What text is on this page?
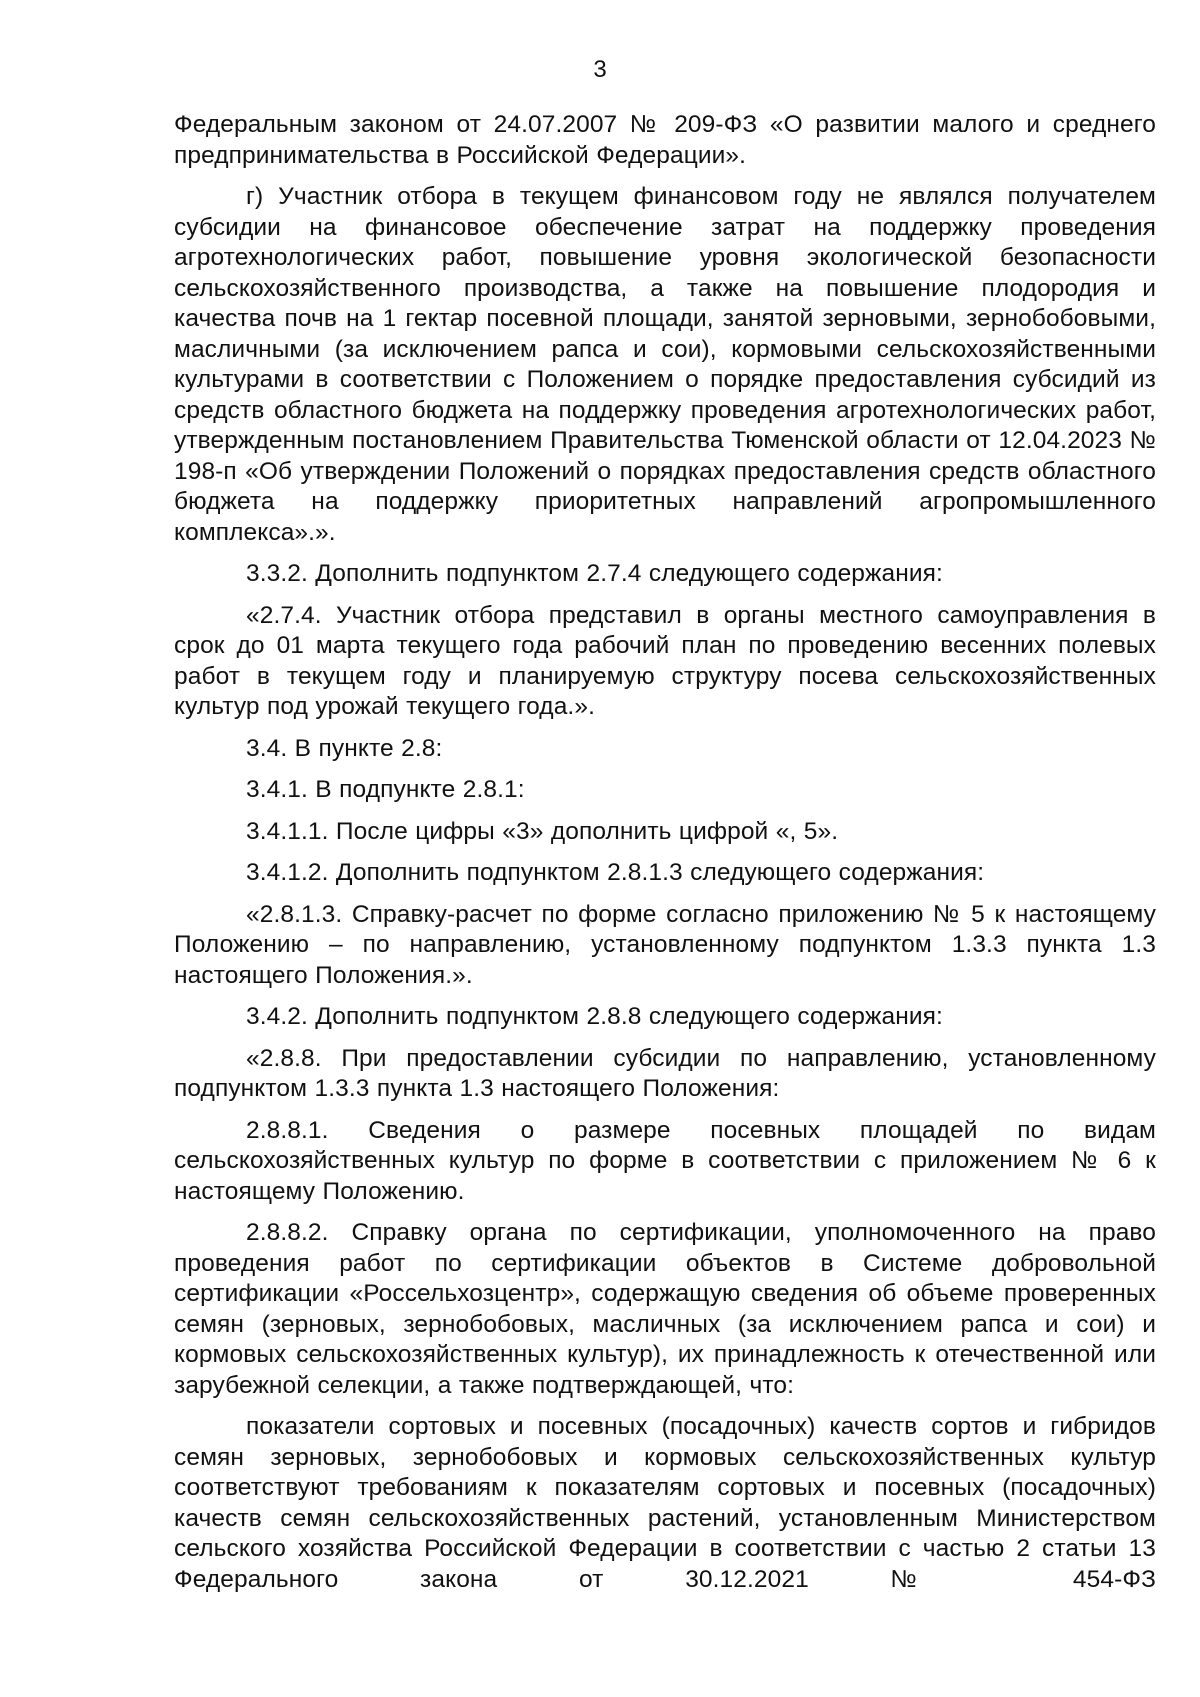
3

Федеральным законом от 24.07.2007 № 209-ФЗ «О развитии малого и среднего предпринимательства в Российской Федерации».

г) Участник отбора в текущем финансовом году не являлся получателем субсидии на финансовое обеспечение затрат на поддержку проведения агротехнологических работ, повышение уровня экологической безопасности сельскохозяйственного производства, а также на повышение плодородия и качества почв на 1 гектар посевной площади, занятой зерновыми, зернобобовыми, масличными (за исключением рапса и сои), кормовыми сельскохозяйственными культурами в соответствии с Положением о порядке предоставления субсидий из средств областного бюджета на поддержку проведения агротехнологических работ, утвержденным постановлением Правительства Тюменской области от 12.04.2023 № 198-п «Об утверждении Положений о порядках предоставления средств областного бюджета на поддержку приоритетных направлений агропромышленного комплекса».».

3.3.2. Дополнить подпунктом 2.7.4 следующего содержания:

«2.7.4. Участник отбора представил в органы местного самоуправления в срок до 01 марта текущего года рабочий план по проведению весенних полевых работ в текущем году и планируемую структуру посева сельскохозяйственных культур под урожай текущего года.».

3.4. В пункте 2.8:

3.4.1. В подпункте 2.8.1:

3.4.1.1. После цифры «3» дополнить цифрой «, 5».

3.4.1.2. Дополнить подпунктом 2.8.1.3 следующего содержания:

«2.8.1.3. Справку-расчет по форме согласно приложению № 5 к настоящему Положению – по направлению, установленному подпунктом 1.3.3 пункта 1.3 настоящего Положения.».

3.4.2. Дополнить подпунктом 2.8.8 следующего содержания:

«2.8.8. При предоставлении субсидии по направлению, установленному подпунктом 1.3.3 пункта 1.3 настоящего Положения:

2.8.8.1. Сведения о размере посевных площадей по видам сельскохозяйственных культур по форме в соответствии с приложением № 6 к настоящему Положению.

2.8.8.2. Справку органа по сертификации, уполномоченного на право проведения работ по сертификации объектов в Системе добровольной сертификации «Россельхозцентр», содержащую сведения об объеме проверенных семян (зерновых, зернобобовых, масличных (за исключением рапса и сои) и кормовых сельскохозяйственных культур), их принадлежность к отечественной или зарубежной селекции, а также подтверждающей, что:

показатели сортовых и посевных (посадочных) качеств сортов и гибридов семян зерновых, зернобобовых и кормовых сельскохозяйственных культур соответствуют требованиям к показателям сортовых и посевных (посадочных) качеств семян сельскохозяйственных растений, установленным Министерством сельского хозяйства Российской Федерации в соответствии с частью 2 статьи 13 Федерального закона от 30.12.2021 № 454-ФЗ
